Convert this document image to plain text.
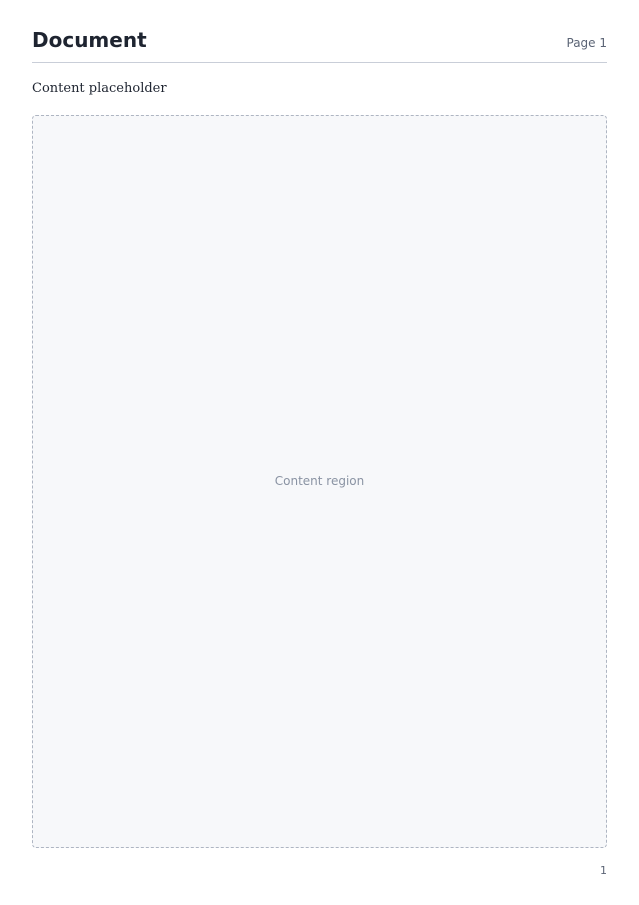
Document	Page 1

Content placeholder

Content region
1
